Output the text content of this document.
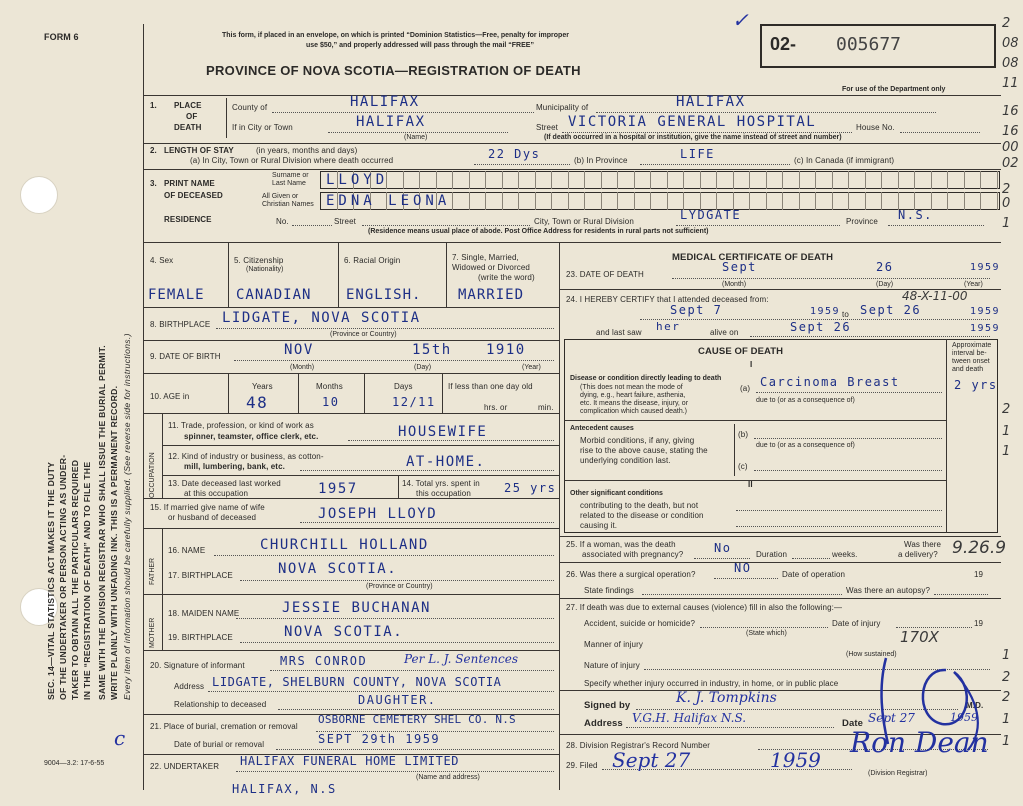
FORM 6
SEC. 14—VITAL STATISTICS ACT MAKES IT THE DUTY OF THE UNDERTAKER OR PERSON ACTING AS UNDER- TAKER TO OBTAIN ALL THE PARTICULARS REQUIRED IN THE “REGISTRATION OF DEATH” AND TO FILE THE SAME WITH THE DIVISION REGISTRAR WHO SHALL ISSUE THE BURIAL PERMIT. WRITE PLAINLY WITH UNFADING INK. THIS IS A PERMANENT RECORD. Every item of information should be carefully supplied. (See reverse side for instructions.)
9004—3.2: 17-6-55
c
This form, if placed in an envelope, on which is printed “Dominion Statistics—Free, penalty for improper
use $50,” and properly addressed will pass through the mail “FREE”
PROVINCE OF NOVA SCOTIA—REGISTRATION OF DEATH
02- 005677
For use of the Department only
✓	2
08
08
11
16
16
00
02
2
0
1
2
1
1
1
2
2
1
1
1. PLACE
OF
DEATH
County of	HALIFAX	Municipality of	HALIFAX
If in City or Town	HALIFAX
(Name)
Street VICTORIA GENERAL HOSPITAL	House No.
(If death occurred in a hospital or institution, give the name instead of street and number)
2. LENGTH OF STAY	(in years, months and days)
(a) In City, Town or Rural Division where death occurred	22 Dys	(b) In Province	LIFE	(c) In Canada (if immigrant)
3. PRINT NAME
OF DECEASED
Surname or
Last Name LLOYD
All Given or
Christian Names EDNA LEONA
RESIDENCE	No.	Street	City, Town or Rural Division	LYDGATE	Province N.S.
(Residence means usual place of abode. Post Office Address for residents in rural parts not sufficient)
4. Sex
FEMALE
5. Citizenship
(Nationality)
CANADIAN
6. Racial Origin
ENGLISH.
7. Single, Married,
Widowed or Divorced
(write the word)
MARRIED
8. BIRTHPLACE LIDGATE, NOVA SCOTIA
(Province or Country)
9. DATE OF BIRTH	NOV	15th 1910
(Month)	(Day)	(Year)
10. AGE in
Years	Months	Days
48	10	12/11
If less than one day old
hrs. or	min.
OCCUPATION
11. Trade, profession, or kind of work as
spinner, teamster, office clerk, etc.	HOUSEWIFE
12. Kind of industry or business, as cotton-
mill, lumbering, bank, etc.	AT-HOME.
13. Date deceased last worked
at this occupation	1957	14. Total yrs. spent in
this occupation	25 yrs
15. If married give name of wife
or husband of deceased	JOSEPH LLOYD
FATHER
16. NAME	CHURCHILL HOLLAND
17. BIRTHPLACE	NOVA SCOTIA.
(Province or Country)
MOTHER
18. MAIDEN NAME	JESSIE BUCHANAN
19. BIRTHPLACE	NOVA SCOTIA.
20. Signature of informant	MRS CONROD	Per L. J. Sentences
Address LIDGATE, SHELBURN COUNTY, NOVA SCOTIA
Relationship to deceased	DAUGHTER.
21. Place of burial, cremation or removal
OSBORNE CEMETERY SHEL CO. N.S
Date of burial or removal	SEPT 29th 1959
22. UNDERTAKER HALIFAX FUNERAL HOME LIMITED
(Name and address)
HALIFAX, N.S
MEDICAL CERTIFICATE OF DEATH
23. DATE OF DEATH
Sept	26	1959
(Month)	(Day)	(Year)
24. I HEREBY CERTIFY that I attended deceased from:	48-X-11-00
Sept 7	1959 to Sept 26	1959
and last saw her	alive on	Sept 26	1959
CAUSE OF DEATH
Approximate
interval be-
tween onset
and death
I
Disease or condition directly leading to death
(This does not mean the mode of
dying, e.g., heart failure, asthenia,
etc. It means the disease, injury, or
complication which caused death.)
(a) Carcinoma Breast	2 yrs
due to (or as a consequence of)
Antecedent causes
Morbid conditions, if any, giving
rise to the above cause, stating the
underlying condition last.
(b)
due to (or as a consequence of)
(c)
II
Other significant conditions
contributing to the death, but not
related to the disease or condition
causing it.
25. If a woman, was the death
associated with pregnancy?	No	Duration	weeks.
Was there
a delivery? 9.26.9
26. Was there a surgical operation?	NO	Date of operation	19
State findings	Was there an autopsy?
27. If death was due to external causes (violence) fill in also the following:—
Accident, suicide or homicide?
(State which)
Date of injury	19
Manner of injury	170X
(How sustained)
Nature of injury
Specify whether injury occurred in industry, in home, or in public place
Signed by	K. J. Tompkins	M.D.
Address V.G.H. Halifax N.S.	Date Sept 27	1959
28. Division Registrar's Record Number
29. Filed Sept 27	1959
(Division Registrar)
Ron Dean
